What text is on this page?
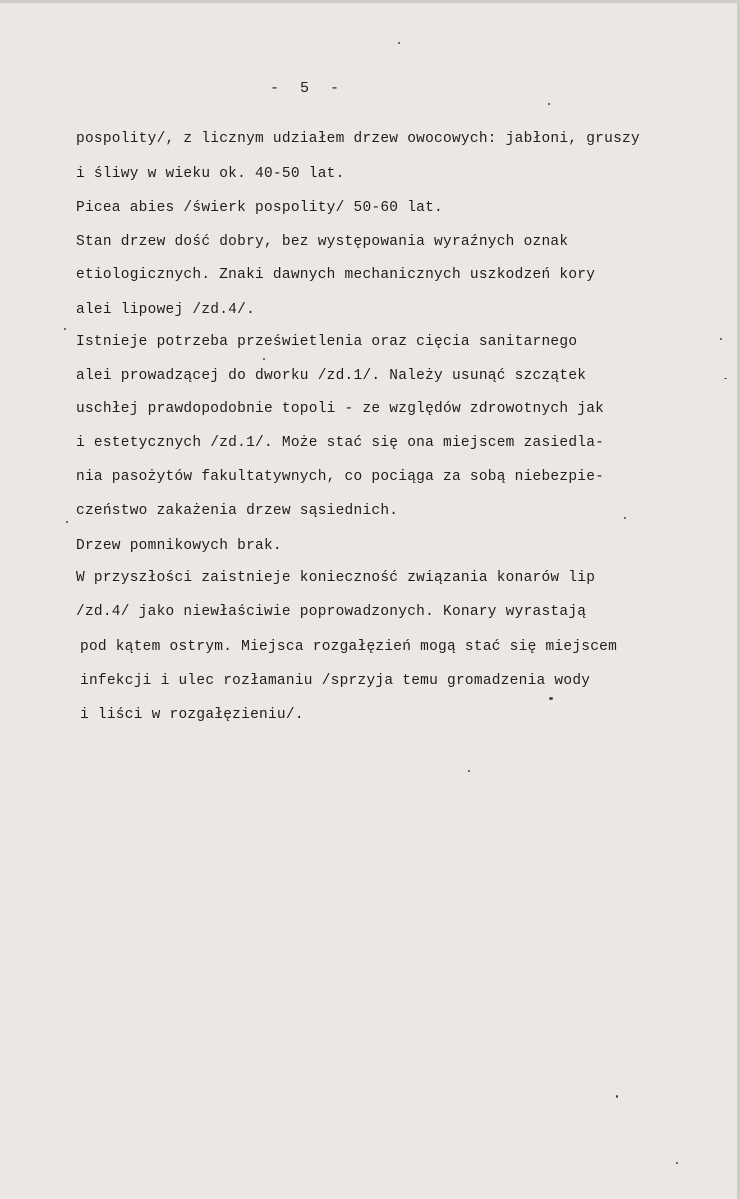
-  5  -
pospolity/, z licznym udziałem drzew owocowych: jabłoni, gruszy
i śliwy w wieku ok. 40-50 lat.
Picea abies /świerk pospolity/ 50-60 lat.
Stan drzew dość dobry, bez występowania wyraźnych oznak
etiologicznych. Znaki dawnych mechanicznych uszkodzeń kory
alei lipowej /zd.4/.
Istnieje potrzeba prześwietlenia oraz cięcia sanitarnego
alei prowadzącej do dworku /zd.1/. Należy usunąć szczątek
uschłej prawdopodobnie topoli - ze względów zdrowotnych jak
i estetycznych /zd.1/. Może stać się ona miejscem zasiedla-
nia pasożytów fakultatywnych, co pociąga za sobą niebezpie-
czeństwo zakażenia drzew sąsiednich.
Drzew pomnikowych brak.
W przyszłości zaistnieje konieczność związania konarów lip
/zd.4/ jako niewłaściwie poprowadzonych. Konary wyrastają
pod kątem ostrym. Miejsca rozgałęzień mogą stać się miejscem
infekcji i ulec rozłamaniu /sprzyja temu gromadzenia wody
i liści w rozgałęzieniu/.
